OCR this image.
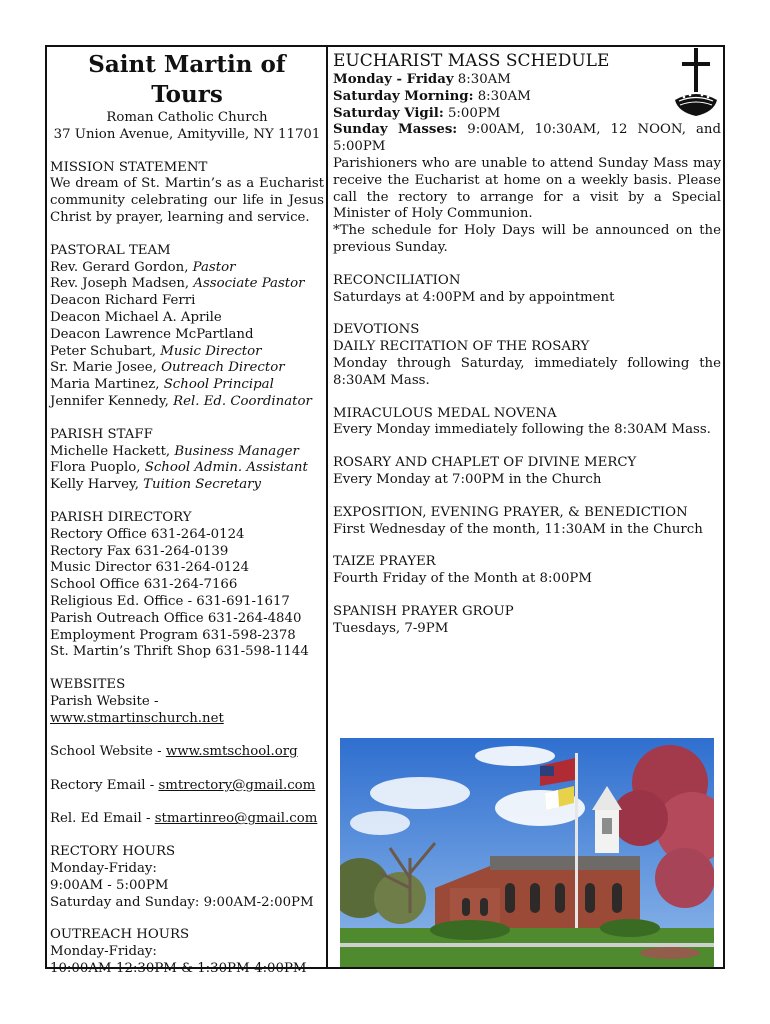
Saint Martin of Tours

Roman Catholic Church

37 Union Avenue, Amityville, NY 11701

MISSION STATEMENT

We dream of St. Martin’s as a Eucharist community celebrating our life in Jesus Christ by prayer, learning and service.

PASTORAL TEAM

Rev. Gerard Gordon, Pastor

Rev. Joseph Madsen, Associate Pastor

Deacon Richard Ferri

Deacon Michael A. Aprile

Deacon Lawrence McPartland

Peter Schubart, Music Director

Sr. Marie Josee, Outreach Director

Maria Martinez, School Principal

Jennifer Kennedy, Rel. Ed. Coordinator

PARISH STAFF

Michelle Hackett, Business Manager

Flora Puoplo, School Admin. Assistant

Kelly Harvey, Tuition Secretary

PARISH DIRECTORY

Rectory Office 631-264-0124

Rectory Fax 631-264-0139

Music Director 631-264-0124

School Office 631-264-7166

Religious Ed. Office - 631-691-1617

Parish Outreach Office 631-264-4840

Employment Program 631-598-2378

St. Martin’s Thrift Shop 631-598-1144

WEBSITES

Parish Website -

www.stmartinschurch.net

School Website - www.smtschool.org

Rectory Email - smtrectory@gmail.com

Rel. Ed Email - stmartinreo@gmail.com

RECTORY HOURS

Monday-Friday:

9:00AM - 5:00PM

Saturday and Sunday: 9:00AM-2:00PM

OUTREACH HOURS

Monday-Friday:

10:00AM-12:30PM & 1:30PM-4:00PM

EUCHARIST MASS SCHEDULE

Monday - Friday 8:30AM

Saturday Morning: 8:30AM

Saturday Vigil: 5:00PM

Sunday Masses: 9:00AM, 10:30AM, 12 NOON, and 5:00PM

Parishioners who are unable to attend Sunday Mass may receive the Eucharist at home on a weekly basis. Please call the rectory to arrange for a visit by a Special Minister of Holy Communion.

*The schedule for Holy Days will be announced on the previous Sunday.

RECONCILIATION

Saturdays at 4:00PM and by appointment

DEVOTIONS

DAILY RECITATION OF THE ROSARY

Monday through Saturday, immediately following the 8:30AM Mass.

MIRACULOUS MEDAL NOVENA

Every Monday immediately following the 8:30AM Mass.

ROSARY AND CHAPLET OF DIVINE MERCY

Every Monday at 7:00PM in the Church

EXPOSITION, EVENING PRAYER, & BENEDICTION

First Wednesday of the month, 11:30AM in the Church

TAIZE PRAYER

Fourth Friday of the Month at 8:00PM

SPANISH PRAYER GROUP

Tuesdays, 7-9PM
